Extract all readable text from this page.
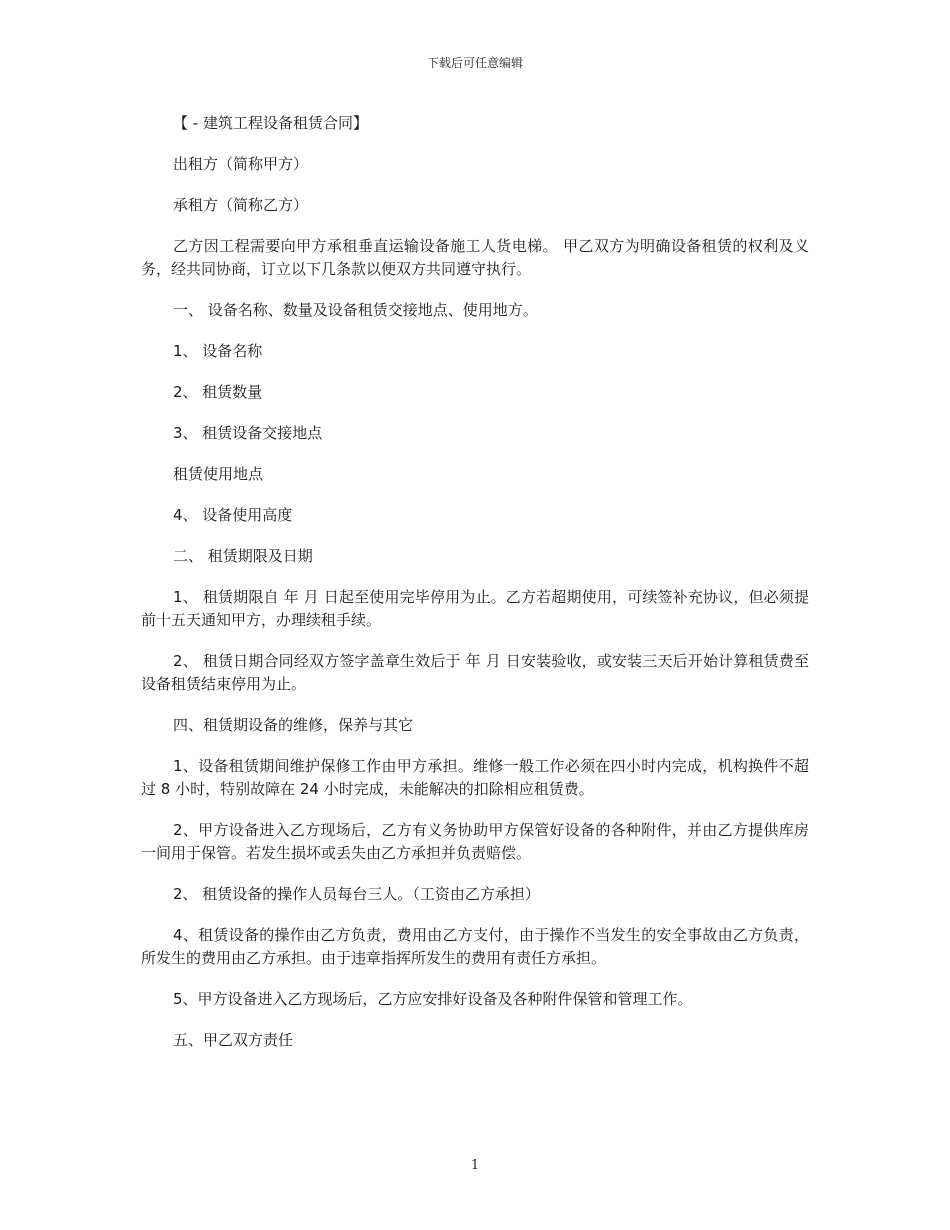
下载后可任意编辑

【 - 建筑工程设备租赁合同】

出租方（简称甲方）

承租方（简称乙方）

乙方因工程需要向甲方承租垂直运输设备施工人货电梯。 甲乙双方为明确设备租赁的权利及义务，经共同协商，订立以下几条款以便双方共同遵守执行。

一、 设备名称、数量及设备租赁交接地点、使用地方。

1、 设备名称

2、 租赁数量

3、 租赁设备交接地点

租赁使用地点

4、 设备使用高度

二、 租赁期限及日期

1、 租赁期限自 年 月 日起至使用完毕停用为止。乙方若超期使用，可续签补充协议，但必须提前十五天通知甲方，办理续租手续。

2、 租赁日期合同经双方签字盖章生效后于 年 月 日安装验收，或安装三天后开始计算租赁费至设备租赁结束停用为止。

四、租赁期设备的维修，保养与其它

1、设备租赁期间维护保修工作由甲方承担。维修一般工作必须在四小时内完成，机构换件不超过 8 小时，特别故障在 24 小时完成，未能解决的扣除相应租赁费。

2、甲方设备进入乙方现场后，乙方有义务协助甲方保管好设备的各种附件，并由乙方提供库房一间用于保管。若发生损坏或丢失由乙方承担并负责赔偿。

2、 租赁设备的操作人员每台三人。（工资由乙方承担）

4、租赁设备的操作由乙方负责，费用由乙方支付，由于操作不当发生的安全事故由乙方负责，所发生的费用由乙方承担。由于违章指挥所发生的费用有责任方承担。

5、甲方设备进入乙方现场后，乙方应安排好设备及各种附件保管和管理工作。

五、甲乙双方责任

1
